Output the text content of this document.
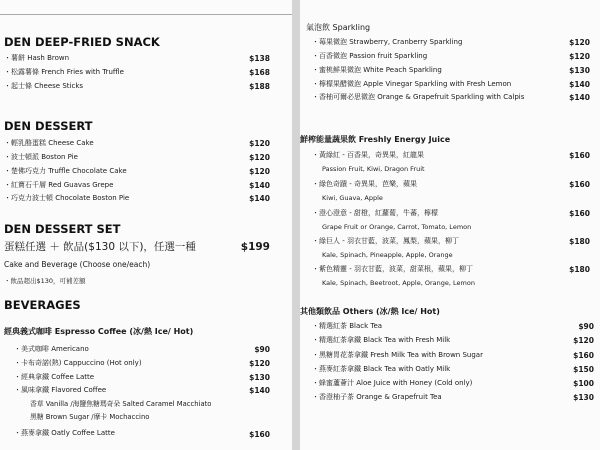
DEN DEEP-FRIED SNACK
・薯餅 Hash Brown	$138
・松露薯條 French Fries with Truffle	$168
・起士條 Cheese Sticks	$188
DEN DESSERT
・輕乳酪蛋糕 Cheese Cake	$120
・波士頓派 Boston Pie	$120
・楚佛巧克力 Truffle Chocolate Cake	$120
・紅寶石千層 Red Guavas Grepe	$140
・巧克力波士頓 Chocolate Boston Pie	$140
DEN DESSERT SET
蛋糕任選 ＋ 飲品($130 以下)，任選一種	$199
Cake and Beverage (Choose one/each)
・飲品超出$130，可補差額
BEVERAGES
經典義式咖啡 Espresso Coffee (冰/熱 Ice/ Hot)
・美式咖啡 Americano	$90
・卡布奇諾(熱) Cappuccino (Hot only)	$120
・經典拿鐵 Coffee Latte	$130
・風味拿鐵 Flavored Coffee	$140
香草 Vanilla /海鹽焦糖瑪奇朵 Salted Caramel Macchiato
黑糖 Brown Sugar /摩卡 Mochaccino
・燕麥拿鐵 Oatly Coffee Latte	$160
氣泡飲 Sparkling
・莓果微泡 Strawberry, Cranberry Sparkling	$120
・百香微泡 Passion fruit Sparkling	$120
・蜜桃鮮果微泡 White Peach Sparkling	$130
・檸檬果醋微泡 Apple Vinegar Sparkling with Fresh Lemon	$140
・香柚可爾必思微泡 Orange & Grapefruit Sparkling with Calpis	$140
鮮榨能量蔬果飲 Freshly Energy Juice
・黃綠紅 - 百香果，奇異果，紅龍果	$160
Passion Fruit, Kiwi, Dragon Fruit
・綠色奇蹟 - 奇異果，芭樂，蘋果	$160
Kiwi, Guava, Apple
・澄心澄意 - 甜橙，紅蘿蔔，牛蕃，檸檬	$160
Grape Fruit or Orange, Carrot, Tomato, Lemon
・綠巨人 - 羽衣甘藍，波菜，鳳梨，蘋果，柳丁	$180
Kale, Spinach, Pineapple, Apple, Orange
・紫色精靈 - 羽衣甘藍，波菜，甜菜根，蘋果，柳丁	$180
Kale, Spinach, Beetroot, Apple, Orange, Lemon
其他類飲品 Others (冰/熱 Ice/ Hot)
・精選紅茶 Black Tea	$90
・精選紅茶拿鐵 Black Tea with Fresh Milk	$120
・黑糖胃花茶拿鐵 Fresh Milk Tea with Brown Sugar	$160
・燕麥紅茶拿鐵 Black Tea with Oatly Milk	$150
・蜂蜜蘆薈汁 Aloe Juice with Honey (Cold only)	$100
・香澄柚子茶 Orange & Grapefruit Tea	$130
